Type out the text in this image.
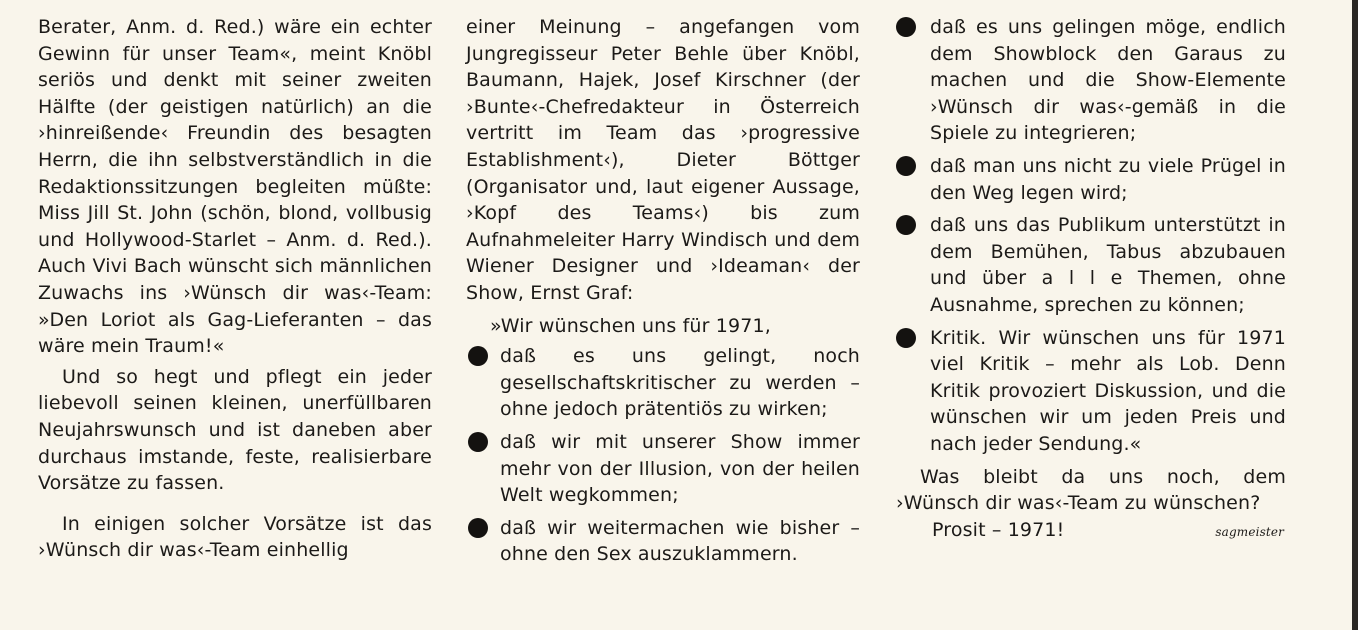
Berater, Anm. d. Red.) wäre ein echter Gewinn für unser Team«, meint Knöbl seriös und denkt mit seiner zweiten Hälfte (der geistigen natürlich) an die ›hinreißende‹ Freundin des besagten Herrn, die ihn selbstverständlich in die Redaktionssitzungen begleiten müßte: Miss Jill St. John (schön, blond, vollbusig und Hollywood-Starlet – Anm. d. Red.). Auch Vivi Bach wünscht sich männlichen Zuwachs ins ›Wünsch dir was‹-Team: »Den Loriot als Gag-Lieferanten – das wäre mein Traum!«

Und so hegt und pflegt ein jeder liebevoll seinen kleinen, unerfüllbaren Neujahrswunsch und ist daneben aber durchaus imstande, feste, realisierbare Vorsätze zu fassen.

In einigen solcher Vorsätze ist das ›Wünsch dir was‹-Team einhellig

einer Meinung – angefangen vom Jungregisseur Peter Behle über Knöbl, Baumann, Hajek, Josef Kirschner (der ›Bunte‹-Chefredakteur in Österreich vertritt im Team das ›progressive Establishment‹), Dieter Böttger (Organisator und, laut eigener Aussage, ›Kopf des Teams‹) bis zum Aufnahmeleiter Harry Windisch und dem Wiener Designer und ›Ideaman‹ der Show, Ernst Graf:

»Wir wünschen uns für 1971,

daß es uns gelingt, noch gesellschaftskritischer zu werden – ohne jedoch prätentiös zu wirken;
daß wir mit unserer Show immer mehr von der Illusion, von der heilen Welt wegkommen;
daß wir weitermachen wie bisher – ohne den Sex auszuklammern.
daß es uns gelingen möge, endlich dem Showblock den Garaus zu machen und die Show-Elemente ›Wünsch dir was‹-gemäß in die Spiele zu integrieren;
daß man uns nicht zu viele Prügel in den Weg legen wird;
daß uns das Publikum unterstützt in dem Bemühen, Tabus abzubauen und über a l l e Themen, ohne Ausnahme, sprechen zu können;
Kritik. Wir wünschen uns für 1971 viel Kritik – mehr als Lob. Denn Kritik provoziert Diskussion, und die wünschen wir um jeden Preis und nach jeder Sendung.«

Was bleibt da uns noch, dem ›Wünsch dir was‹-Team zu wünschen?

Prosit – 1971!	sagmeister
